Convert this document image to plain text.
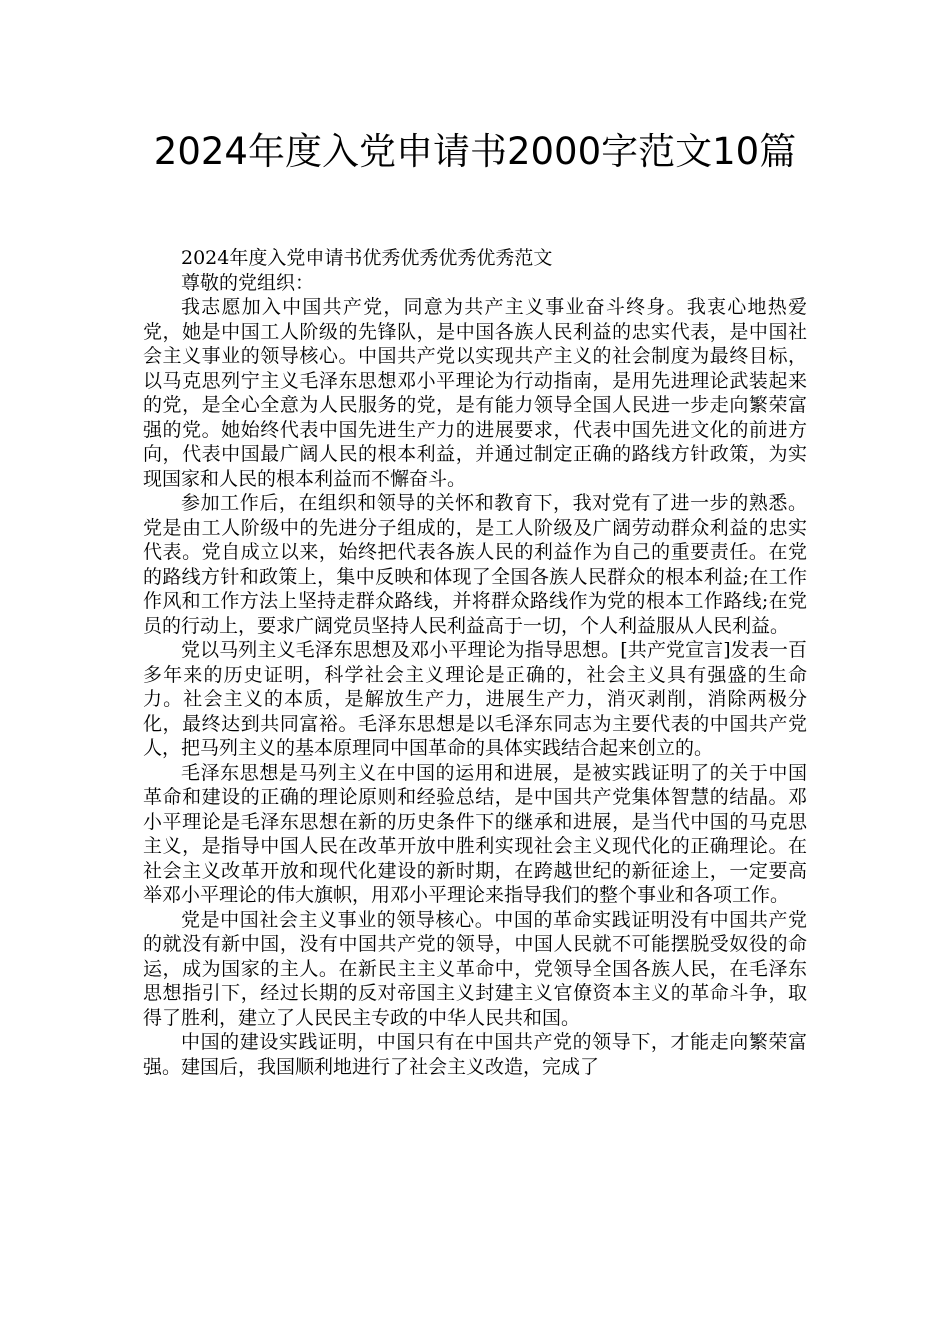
2024年度入党申请书2000字范文10篇

2024年度入党申请书优秀优秀优秀优秀范文

尊敬的党组织：

我志愿加入中国共产党，同意为共产主义事业奋斗终身。我衷心地热爱党，她是中国工人阶级的先锋队，是中国各族人民利益的忠实代表，是中国社会主义事业的领导核心。中国共产党以实现共产主义的社会制度为最终目标，以马克思列宁主义毛泽东思想邓小平理论为行动指南，是用先进理论武装起来的党，是全心全意为人民服务的党，是有能力领导全国人民进一步走向繁荣富强的党。她始终代表中国先进生产力的进展要求，代表中国先进文化的前进方向，代表中国最广阔人民的根本利益，并通过制定正确的路线方针政策，为实现国家和人民的根本利益而不懈奋斗。

参加工作后，在组织和领导的关怀和教育下，我对党有了进一步的熟悉。党是由工人阶级中的先进分子组成的，是工人阶级及广阔劳动群众利益的忠实代表。党自成立以来，始终把代表各族人民的利益作为自己的重要责任。在党的路线方针和政策上，集中反映和体现了全国各族人民群众的根本利益;在工作作风和工作方法上坚持走群众路线，并将群众路线作为党的根本工作路线;在党员的行动上，要求广阔党员坚持人民利益高于一切，个人利益服从人民利益。

党以马列主义毛泽东思想及邓小平理论为指导思想。[共产党宣言]发表一百多年来的历史证明，科学社会主义理论是正确的，社会主义具有强盛的生命力。社会主义的本质，是解放生产力，进展生产力，消灭剥削，消除两极分化，最终达到共同富裕。毛泽东思想是以毛泽东同志为主要代表的中国共产党人，把马列主义的基本原理同中国革命的具体实践结合起来创立的。

毛泽东思想是马列主义在中国的运用和进展，是被实践证明了的关于中国革命和建设的正确的理论原则和经验总结，是中国共产党集体智慧的结晶。邓小平理论是毛泽东思想在新的历史条件下的继承和进展，是当代中国的马克思主义，是指导中国人民在改革开放中胜利实现社会主义现代化的正确理论。在社会主义改革开放和现代化建设的新时期，在跨越世纪的新征途上，一定要高举邓小平理论的伟大旗帜，用邓小平理论来指导我们的整个事业和各项工作。

党是中国社会主义事业的领导核心。中国的革命实践证明没有中国共产党的就没有新中国，没有中国共产党的领导，中国人民就不可能摆脱受奴役的命运，成为国家的主人。在新民主主义革命中，党领导全国各族人民，在毛泽东思想指引下，经过长期的反对帝国主义封建主义官僚资本主义的革命斗争，取得了胜利，建立了人民民主专政的中华人民共和国。

中国的建设实践证明，中国只有在中国共产党的领导下，才能走向繁荣富强。建国后，我国顺利地进行了社会主义改造，完成了
